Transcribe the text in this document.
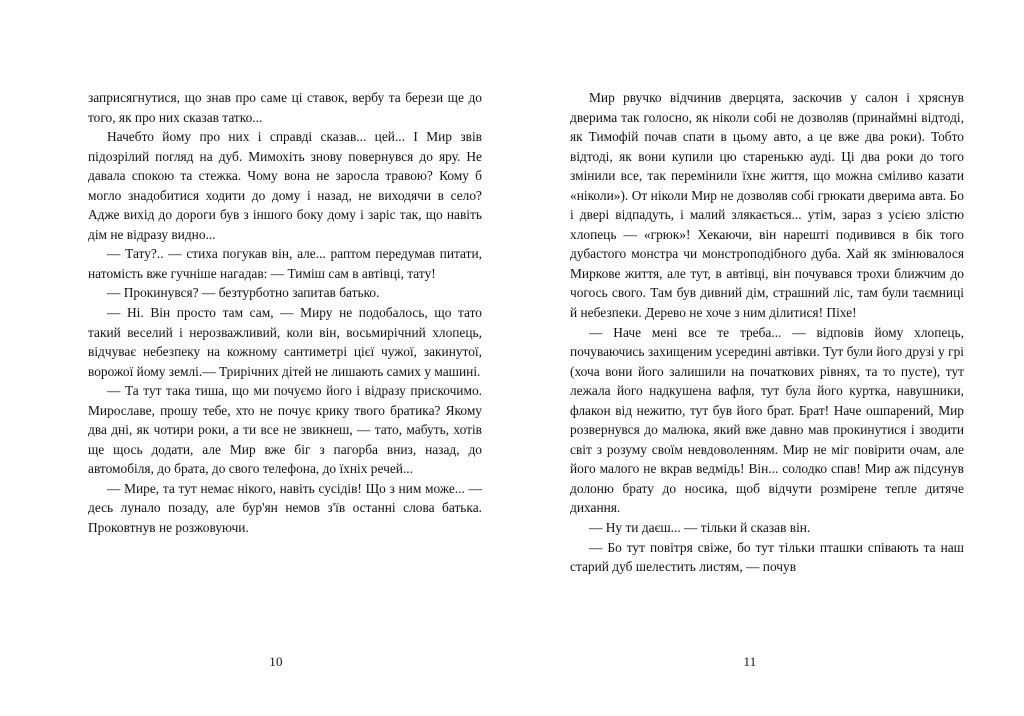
заприсягнутися, що знав про саме ці ставок, вербу та берези ще до того, як про них сказав татко...

Начебто йому про них і справді сказав... цей... І Мир звів підозрілий погляд на дуб. Мимохіть знову повернувся до яру. Не давала спокою та стежка. Чому вона не заросла травою? Кому б могло знадобитися ходити до дому і назад, не виходячи в село? Адже вихід до дороги був з іншого боку дому і заріс так, що навіть дім не відразу видно...

— Тату?.. — стиха погукав він, але... раптом передумав питати, натомість вже гучніше нагадав: — Тиміш сам в автівці, тату!

— Прокинувся? — безтурботно запитав батько.

— Ні. Він просто там сам, — Миру не подобалось, що тато такий веселий і нерозважливий, коли він, восьмирічний хлопець, відчуває небезпеку на кожному сантиметрі цієї чужої, закинутої, ворожої йому землі.— Трирічних дітей не лишають самих у машині.

— Та тут така тиша, що ми почуємо його і відразу прискочимо. Мирославе, прошу тебе, хто не почує крику твого братика? Якому два дні, як чотири роки, а ти все не звикнеш, — тато, мабуть, хотів ще щось додати, але Мир вже біг з пагорба вниз, назад, до автомобіля, до брата, до свого телефона, до їхніх речей...

— Мире, та тут немає нікого, навіть сусідів! Що з ним може... — десь лунало позаду, але бур'ян немов з'їв останні слова батька. Проковтнув не розжовуючи.

10

Мир рвучко відчинив дверцята, заскочив у салон і хряснув дверима так голосно, як ніколи собі не дозволяв (принаймні відтоді, як Тимофій почав спати в цьому авто, а це вже два роки). Тобто відтоді, як вони купили цю старенькю ауді. Ці два роки до того змінили все, так перемінили їхнє життя, що можна сміливо казати «ніколи»). От ніколи Мир не дозволяв собі грюкати дверима авта. Бо і двері відпадуть, і малий злякається... утім, зараз з усією злістю хлопець — «грюк»! Хекаючи, він нарешті подивився в бік того дубастого монстра чи монстроподібного дуба. Хай як змінювалося Миркове життя, але тут, в автівці, він почувався трохи ближчим до чогось свого. Там був дивний дім, страшний ліс, там були таємниці й небезпеки. Дерево не хоче з ним ділитися! Піхе!

— Наче мені все те треба... — відповів йому хлопець, почуваючись захищеним усередині автівки. Тут були його друзі у грі (хоча вони його залишили на початкових рівнях, та то пусте), тут лежала його надкушена вафля, тут була його куртка, навушники, флакон від нежитю, тут був його брат. Брат! Наче ошпарений, Мир розвернувся до малюка, який вже давно мав прокинутися і зводити світ з розуму своїм невдоволенням. Мир не міг повірити очам, але його малого не вкрав ведмідь! Він... солодко спав! Мир аж підсунув долоню брату до носика, щоб відчути розмірене тепле дитяче дихання.

— Ну ти даєш... — тільки й сказав він.

— Бо тут повітря свіже, бо тут тільки пташки співають та наш старий дуб шелестить листям, — почув

11
